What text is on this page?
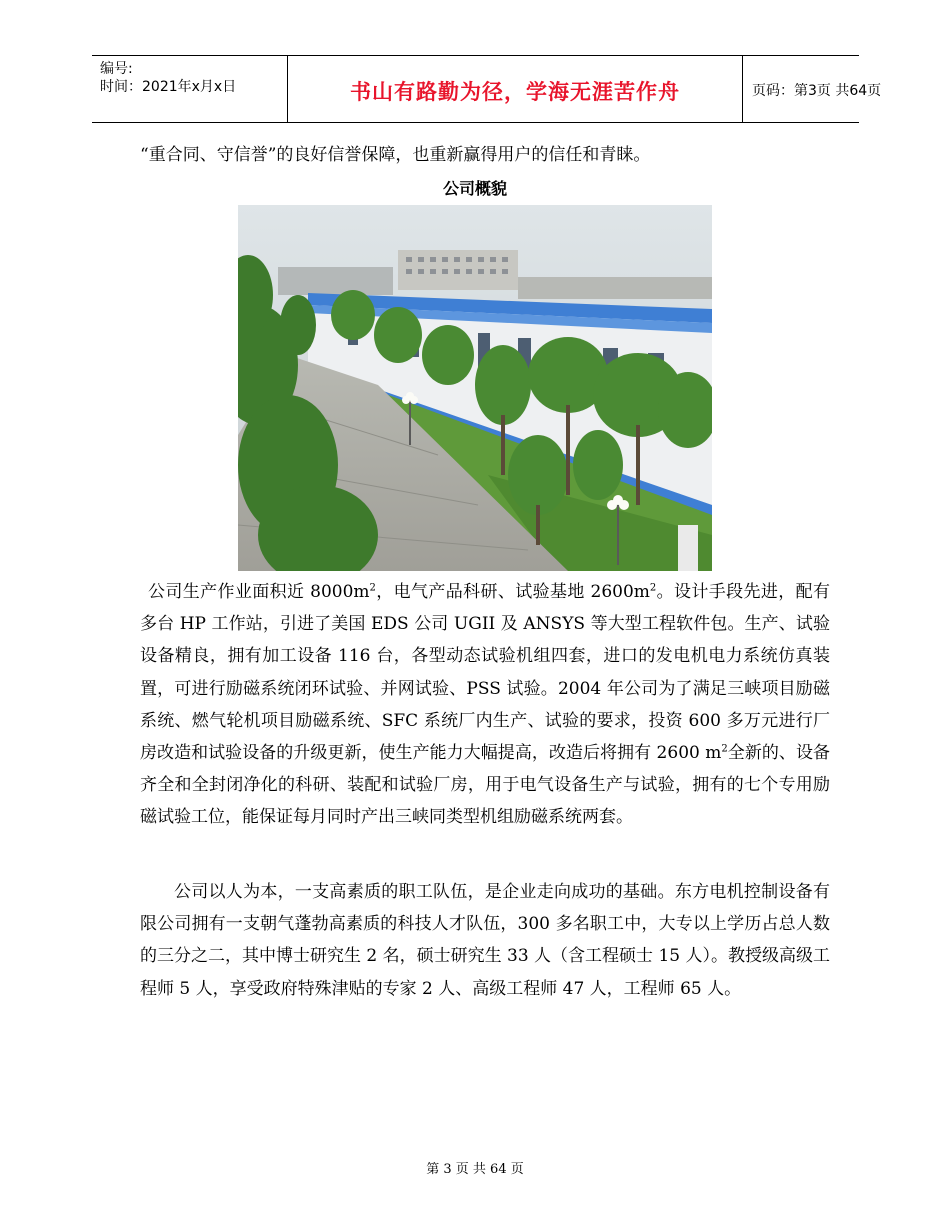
编号:
时间：2021年x月x日	书山有路勤为径，学海无涯苦作舟	页码：第3页 共64页
“重合同、守信誉”的良好信誉保障，也重新赢得用户的信任和青睐。
公司概貌

公司生产作业面积近 $8000m^2$，电气产品科研、试验基地 $2600m^2$。设计手段先进，配有多台 HP 工作站，引进了美国 EDS 公司 UGII 及 ANSYS 等大型工程软件包。生产、试验设备精良，拥有加工设备 116 台，各型动态试验机组四套，进口的发电机电力系统仿真装置，可进行励磁系统闭环试验、并网试验、PSS 试验。2004 年公司为了满足三峡项目励磁系统、燃气轮机项目励磁系统、SFC 系统厂内生产、试验的要求，投资 600 多万元进行厂房改造和试验设备的升级更新，使生产能力大幅提高，改造后将拥有 2600 $m^2$全新的、设备齐全和全封闭净化的科研、装配和试验厂房，用于电气设备生产与试验，拥有的七个专用励磁试验工位，能保证每月同时产出三峡同类型机组励磁系统两套。

公司以人为本，一支高素质的职工队伍，是企业走向成功的基础。东方电机控制设备有限公司拥有一支朝气蓬勃高素质的科技人才队伍，300 多名职工中，大专以上学历占总人数的三分之二，其中博士研究生 2 名，硕士研究生 33 人（含工程硕士 15 人）。教授级高级工程师 5 人，享受政府特殊津贴的专家 2 人、高级工程师 47 人，工程师 65 人。

第 3 页 共 64 页
